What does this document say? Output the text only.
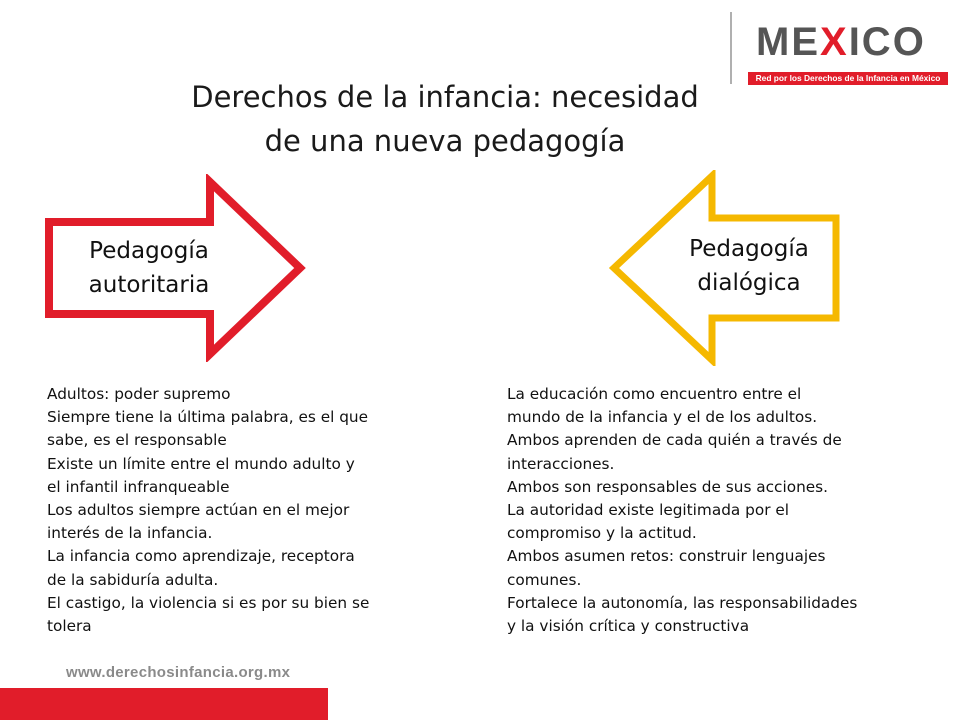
MEXICO
Red por los Derechos de la Infancia en México
Derechos de la infancia: necesidad
de una nueva pedagogía
Pedagogía
autoritaria
Pedagogía
dialógica
Adultos: poder supremo
Siempre tiene la última palabra, es el que
sabe, es el responsable
Existe un límite entre el mundo adulto y
el infantil infranqueable
Los adultos siempre actúan en el mejor
interés de la infancia.
La infancia como aprendizaje, receptora
de la sabiduría adulta.
El castigo, la violencia si es por su bien se
tolera
La educación como encuentro entre el
mundo de la infancia y el de los adultos.
Ambos aprenden de cada quién a través de
interacciones.
Ambos son responsables de sus acciones.
La autoridad existe legitimada por el
compromiso y la actitud.
Ambos asumen retos: construir lenguajes
comunes.
Fortalece la autonomía, las responsabilidades
y la visión crítica y constructiva
www.derechosinfancia.org.mx
